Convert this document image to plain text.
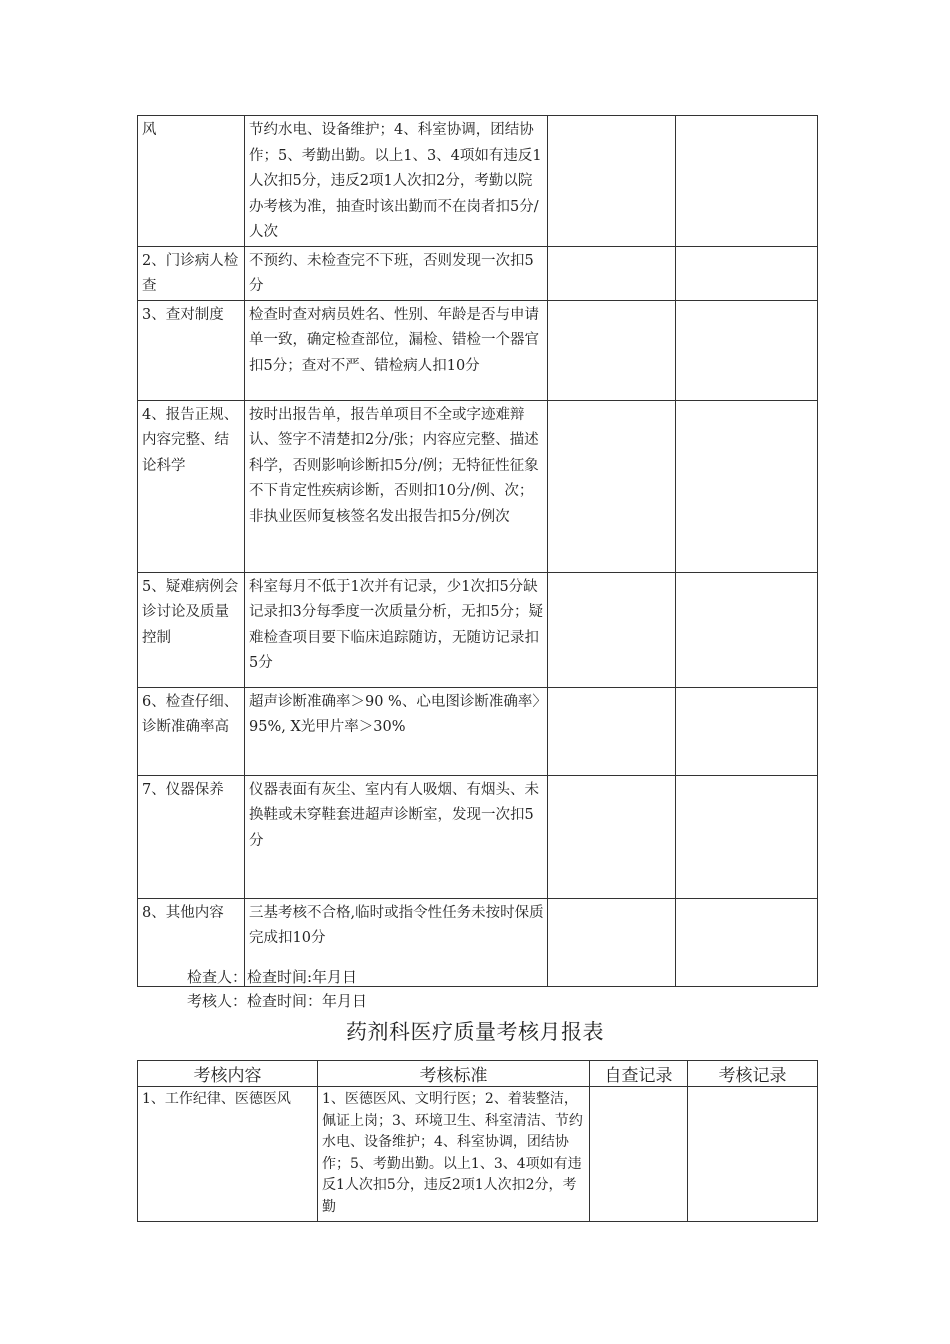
风	节约水电、设备维护；4、科室协调，团结协作；5、考勤出勤。以上1、3、4项如有违反1人次扣5分，违反2项1人次扣2分，考勤以院办考核为准，抽查时该出勤而不在岗者扣5分/人次		
2、门诊病人检查	不预约、未检查完不下班，否则发现一次扣5分		
3、查对制度	检查时查对病员姓名、性别、年龄是否与申请单一致，确定检查部位，漏检、错检一个器官扣5分；查对不严、错检病人扣10分		
4、报告正规、内容完整、结论科学	按时出报告单，报告单项目不全或字迹难辩认、签字不清楚扣2分/张；内容应完整、描述科学，否则影响诊断扣5分/例；无特征性征象不下肯定性疾病诊断，否则扣10分/例、次；非执业医师复核签名发出报告扣5分/例次		
5、疑难病例会诊讨论及质量控制	科室每月不低于1次并有记录，少1次扣5分缺记录扣3分每季度一次质量分析，无扣5分；疑难检查项目要下临床追踪随访，无随访记录扣5分		
6、检查仔细、诊断准确率高	超声诊断准确率＞90 %、心电图诊断准确率〉95%, X光甲片率＞30%		
7、仪器保养	仪器表面有灰尘、室内有人吸烟、有烟头、未换鞋或未穿鞋套进超声诊断室，发现一次扣5分		
8、其他内容	三基考核不合格,临时或指令性任务未按时保质完成扣10分		
检查人：检查时间:年月日
考核人：检查时间：年月日
药剂科医疗质量考核月报表
考核内容	考核标准	自查记录	考核记录
1、工作纪律、医德医风	1、医德医风、文明行医；2、着装整洁，佩证上岗；3、环境卫生、科室清洁、节约水电、设备维护；4、科室协调，团结协作；5、考勤出勤。以上1、3、4项如有违反1人次扣5分，违反2项1人次扣2分，考勤		
